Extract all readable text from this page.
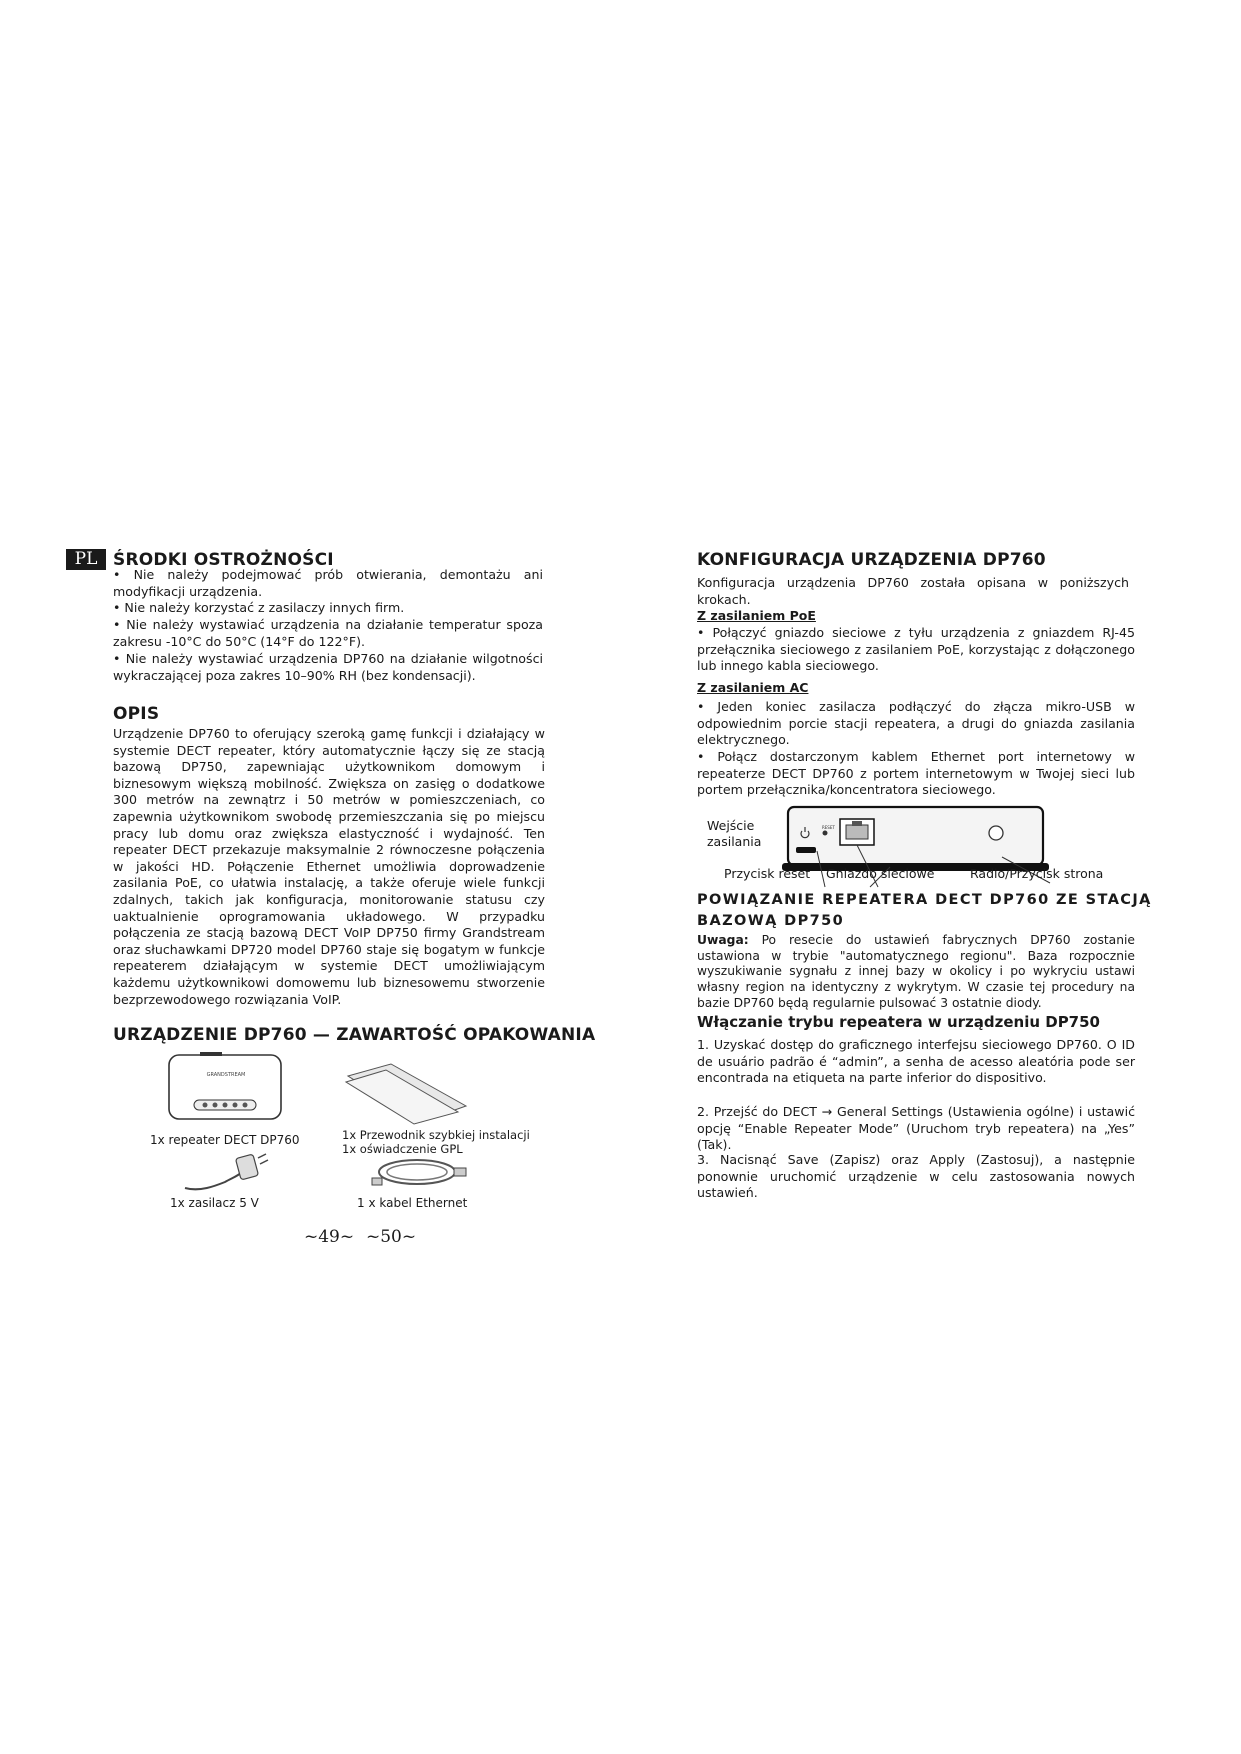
PL ŚRODKI OSTROŻNOŚCI
• Nie należy podejmować prób otwierania, demontażu ani modyfikacji urządzenia.
• Nie należy korzystać z zasilaczy innych firm.
• Nie należy wystawiać urządzenia na działanie temperatur spoza zakresu -10°C do 50°C (14°F do 122°F).
• Nie należy wystawiać urządzenia DP760 na działanie wilgotności wykraczającej poza zakres 10–90% RH (bez kondensacji).
OPIS
Urządzenie DP760 to oferujący szeroką gamę funkcji i działający w systemie DECT repeater, który automatycznie łączy się ze stacją bazową DP750, zapewniając użytkownikom domowym i biznesowym większą mobilność. Zwiększa on zasięg o dodatkowe 300 metrów na zewnątrz i 50 metrów w pomieszczeniach, co zapewnia użytkownikom swobodę przemieszczania się po miejscu pracy lub domu oraz zwiększa elastyczność i wydajność. Ten repeater DECT przekazuje maksymalnie 2 równoczesne połączenia w jakości HD. Połączenie Ethernet umożliwia doprowadzenie zasilania PoE, co ułatwia instalację, a także oferuje wiele funkcji zdalnych, takich jak konfiguracja, monitorowanie statusu czy uaktualnienie oprogramowania układowego. W przypadku połączenia ze stacją bazową DECT VoIP DP750 firmy Grandstream oraz słuchawkami DP720 model DP760 staje się bogatym w funkcje repeaterem działającym w systemie DECT umożliwiającym każdemu użytkownikowi domowemu lub biznesowemu stworzenie bezprzewodowego rozwiązania VoIP.
URZĄDZENIE DP760 — ZAWARTOŚĆ OPAKOWANIA
GRANDSTREAM
1x repeater DECT DP760	1x Przewodnik szybkiej instalacji
1x oświadczenie GPL
1x zasilacz 5 V	1 x kabel Ethernet
~49~
KONFIGURACJA URZĄDZENIA DP760
Konfiguracja urządzenia DP760 została opisana w poniższych krokach.
Z zasilaniem PoE
• Połączyć gniazdo sieciowe z tyłu urządzenia z gniazdem RJ-45 przełącznika sieciowego z zasilaniem PoE, korzystając z dołączonego lub innego kabla sieciowego.
Z zasilaniem AC
• Jeden koniec zasilacza podłączyć do złącza mikro-USB w odpowiednim porcie stacji repeatera, a drugi do gniazda zasilania elektrycznego.
• Połącz dostarczonym kablem Ethernet port internetowy w repeaterze DECT DP760 z portem internetowym w Twojej sieci lub portem przełącznika/koncentratora sieciowego.
Wejście
zasilania
RESET
Przycisk reset Gniazdo sieciowe	Radio/Przycisk strona
POWIĄZANIE REPEATERA DECT DP760 ZE STACJĄ
BAZOWĄ DP750
Uwaga: Po resecie do ustawień fabrycznych DP760 zostanie ustawiona w trybie "automatycznego regionu". Baza rozpocznie wyszukiwanie sygnału z innej bazy w okolicy i po wykryciu ustawi własny region na identyczny z wykrytym. W czasie tej procedury na bazie DP760 będą regularnie pulsować 3 ostatnie diody.
Włączanie trybu repeatera w urządzeniu DP750
1. Uzyskać dostęp do graficznego interfejsu sieciowego DP760. O ID de usuário padrão é “admin”, a senha de acesso aleatória pode ser encontrada na etiqueta na parte inferior do dispositivo.
2. Przejść do DECT → General Settings (Ustawienia ogólne) i ustawić opcję “Enable Repeater Mode” (Uruchom tryb repeatera) na „Yes” (Tak).
3. Nacisnąć Save (Zapisz) oraz Apply (Zastosuj), a następnie ponownie uruchomić urządzenie w celu zastosowania nowych ustawień.
~50~
